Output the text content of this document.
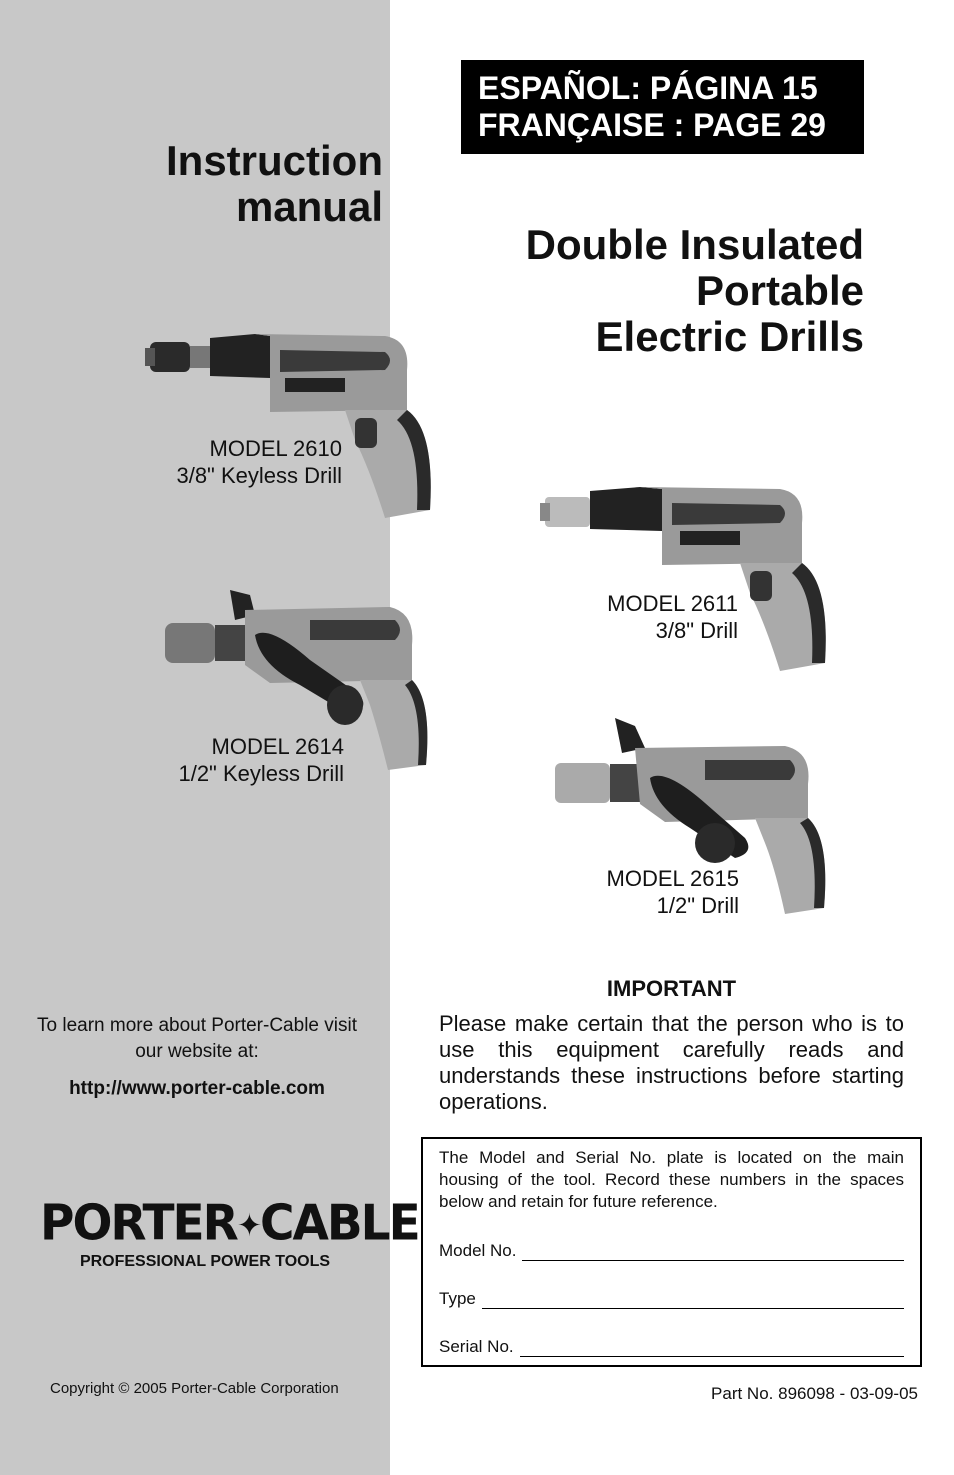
ESPAÑOL: PÁGINA 15
FRANÇAISE : PAGE 29
Instruction
manual
Double Insulated
Portable
Electric Drills
MODEL 2610
3/8" Keyless Drill
MODEL 2611
3/8" Drill
MODEL 2614
1/2" Keyless Drill
MODEL 2615
1/2" Drill
IMPORTANT
Please make certain that the person who is to use this equipment carefully reads and understands these instructions before starting operations.
To learn more about Porter-Cable visit our website at:
http://www.porter-cable.com
PORTER✦CABLE
PROFESSIONAL POWER TOOLS
The Model and Serial No. plate is located on the main housing of the tool. Record these numbers in the spaces below and retain for future reference.
Model No.
Type
Serial No.
Copyright © 2005 Porter-Cable Corporation	Part No. 896098 - 03-09-05
